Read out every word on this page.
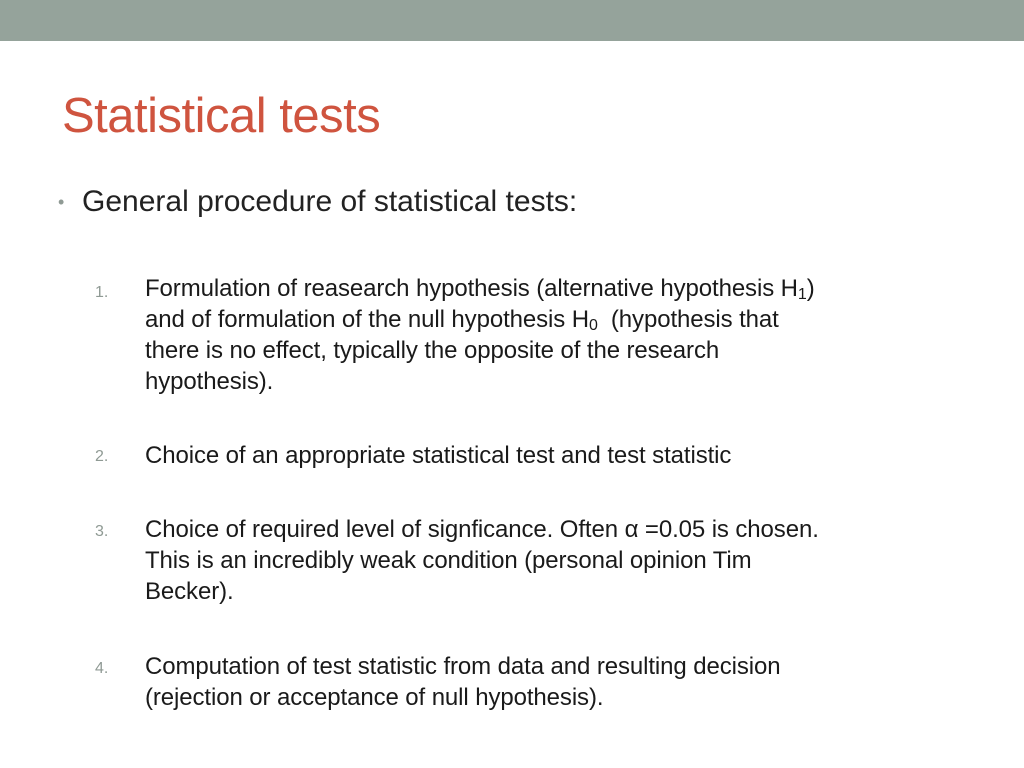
Statistical tests
• General procedure of statistical tests:
1. Formulation of reasearch hypothesis (alternative hypothesis $H_1$)
and of formulation of the null hypothesis $H_0$  (hypothesis that
there is no effect, typically the opposite of the research
hypothesis).
2. Choice of an appropriate statistical test and test statistic
3. Choice of required level of signficance. Often α =0.05 is chosen.
This is an incredibly weak condition (personal opinion Tim
Becker).
4. Computation of test statistic from data and resulting decision
(rejection or acceptance of null hypothesis).
